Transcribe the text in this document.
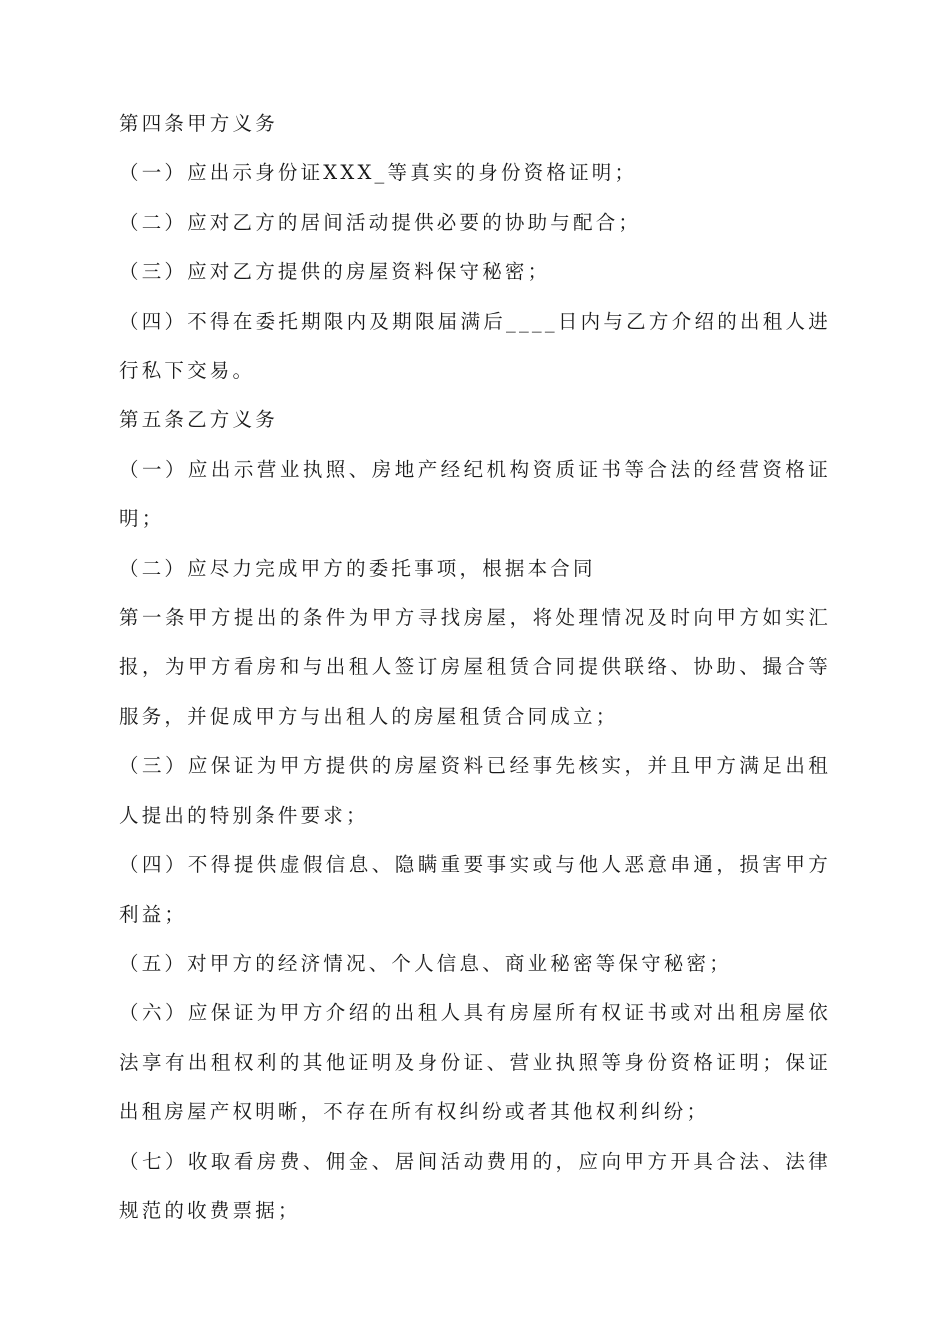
第四条甲方义务

（一）应出示身份证XXX_等真实的身份资格证明；

（二）应对乙方的居间活动提供必要的协助与配合；

（三）应对乙方提供的房屋资料保守秘密；

（四）不得在委托期限内及期限届满后____日内与乙方介绍的出租人进行私下交易。

第五条乙方义务

（一）应出示营业执照、房地产经纪机构资质证书等合法的经营资格证明；

（二）应尽力完成甲方的委托事项，根据本合同

第一条甲方提出的条件为甲方寻找房屋，将处理情况及时向甲方如实汇报，为甲方看房和与出租人签订房屋租赁合同提供联络、协助、撮合等服务，并促成甲方与出租人的房屋租赁合同成立；

（三）应保证为甲方提供的房屋资料已经事先核实，并且甲方满足出租人提出的特别条件要求；

（四）不得提供虚假信息、隐瞒重要事实或与他人恶意串通，损害甲方利益；

（五）对甲方的经济情况、个人信息、商业秘密等保守秘密；

（六）应保证为甲方介绍的出租人具有房屋所有权证书或对出租房屋依法享有出租权利的其他证明及身份证、营业执照等身份资格证明；保证出租房屋产权明晰，不存在所有权纠纷或者其他权利纠纷；

（七）收取看房费、佣金、居间活动费用的，应向甲方开具合法、法律规范的收费票据；
